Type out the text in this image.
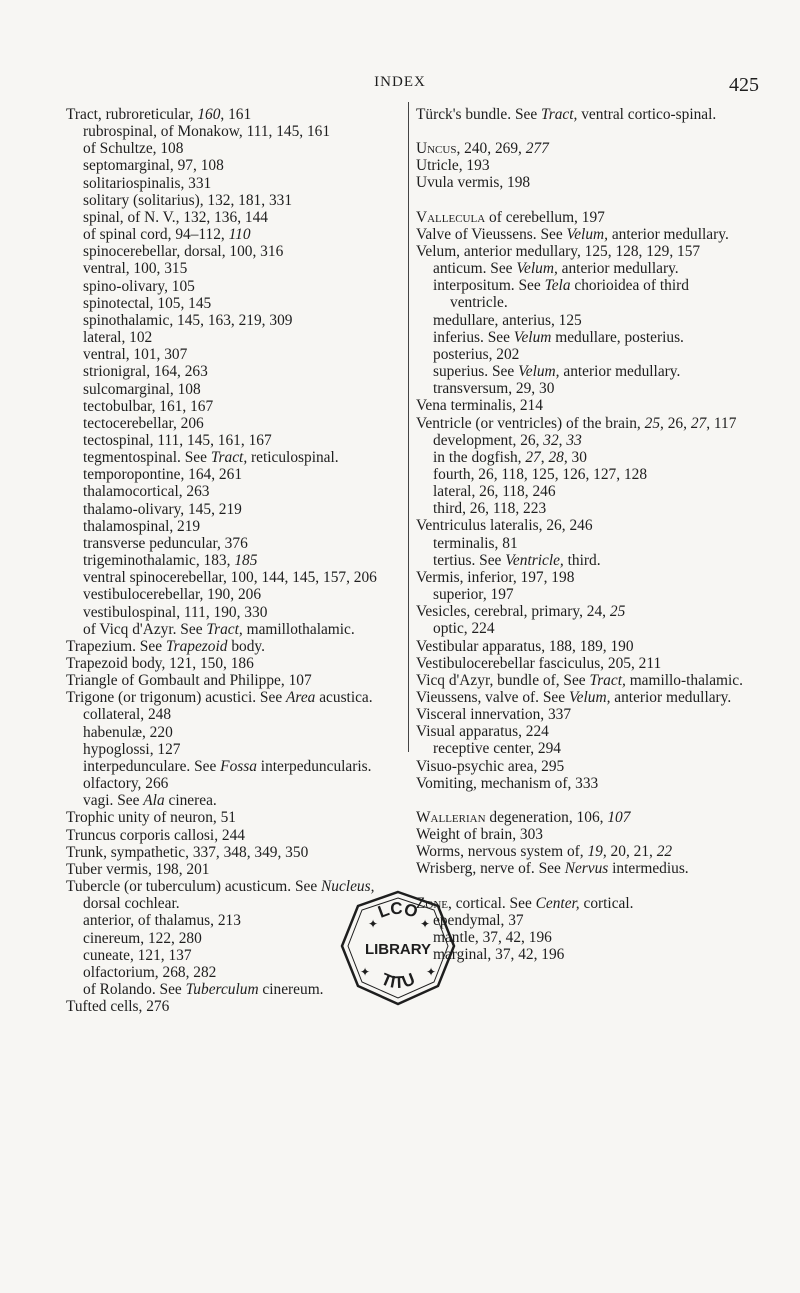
INDEX	425

Tract, rubroreticular, 160, 161

rubrospinal, of Monakow, 111, 145, 161

of Schultze, 108

septomarginal, 97, 108

solitariospinalis, 331

solitary (solitarius), 132, 181, 331

spinal, of N. V., 132, 136, 144

of spinal cord, 94–112, 110

spinocerebellar, dorsal, 100, 316

ventral, 100, 315

spino-olivary, 105

spinotectal, 105, 145

spinothalamic, 145, 163, 219, 309

lateral, 102

ventral, 101, 307

strionigral, 164, 263

sulcomarginal, 108

tectobulbar, 161, 167

tectocerebellar, 206

tectospinal, 111, 145, 161, 167

tegmentospinal. See Tract, reticulospinal.

temporopontine, 164, 261

thalamocortical, 263

thalamo-olivary, 145, 219

thalamospinal, 219

transverse peduncular, 376

trigeminothalamic, 183, 185

ventral spinocerebellar, 100, 144, 145, 157, 206

vestibulocerebellar, 190, 206

vestibulospinal, 111, 190, 330

of Vicq d'Azyr. See Tract, mamillothalamic.

Trapezium. See Trapezoid body.

Trapezoid body, 121, 150, 186

Triangle of Gombault and Philippe, 107

Trigone (or trigonum) acustici. See Area acustica.

collateral, 248

habenulæ, 220

hypoglossi, 127

interpedunculare. See Fossa interpeduncularis.

olfactory, 266

vagi. See Ala cinerea.

Trophic unity of neuron, 51

Truncus corporis callosi, 244

Trunk, sympathetic, 337, 348, 349, 350

Tuber vermis, 198, 201

Tubercle (or tuberculum) acusticum. See Nucleus, dorsal cochlear.

anterior, of thalamus, 213

cinereum, 122, 280

cuneate, 121, 137

olfactorium, 268, 282

of Rolando. See Tuberculum cinereum.

Tufted cells, 276

Türck's bundle. See Tract, ventral cortico-spinal.

Uncus, 240, 269, 277

Utricle, 193

Uvula vermis, 198

Vallecula of cerebellum, 197

Valve of Vieussens. See Velum, anterior medullary.

Velum, anterior medullary, 125, 128, 129, 157

anticum. See Velum, anterior medullary.

interpositum. See Tela chorioidea of third ventricle.

medullare, anterius, 125

inferius. See Velum medullare, posterius.

posterius, 202

superius. See Velum, anterior medullary.

transversum, 29, 30

Vena terminalis, 214

Ventricle (or ventricles) of the brain, 25, 26, 27, 117

development, 26, 32, 33

in the dogfish, 27, 28, 30

fourth, 26, 118, 125, 126, 127, 128

lateral, 26, 118, 246

third, 26, 118, 223

Ventriculus lateralis, 26, 246

terminalis, 81

tertius. See Ventricle, third.

Vermis, inferior, 197, 198

superior, 197

Vesicles, cerebral, primary, 24, 25

optic, 224

Vestibular apparatus, 188, 189, 190

Vestibulocerebellar fasciculus, 205, 211

Vicq d'Azyr, bundle of, See Tract, mamillo-thalamic.

Vieussens, valve of. See Velum, anterior medullary.

Visceral innervation, 337

Visual apparatus, 224

receptive center, 294

Visuo-psychic area, 295

Vomiting, mechanism of, 333

Wallerian degeneration, 106, 107

Weight of brain, 303

Worms, nervous system of, 19, 20, 21, 22

Wrisberg, nerve of. See Nervus intermedius.

Zone, cortical. See Center, cortical.

ependymal, 37

mantle, 37, 42, 196

marginal, 37, 42, 196

LCO
LIBRARY
TITU
✦	✦
✦	✦
